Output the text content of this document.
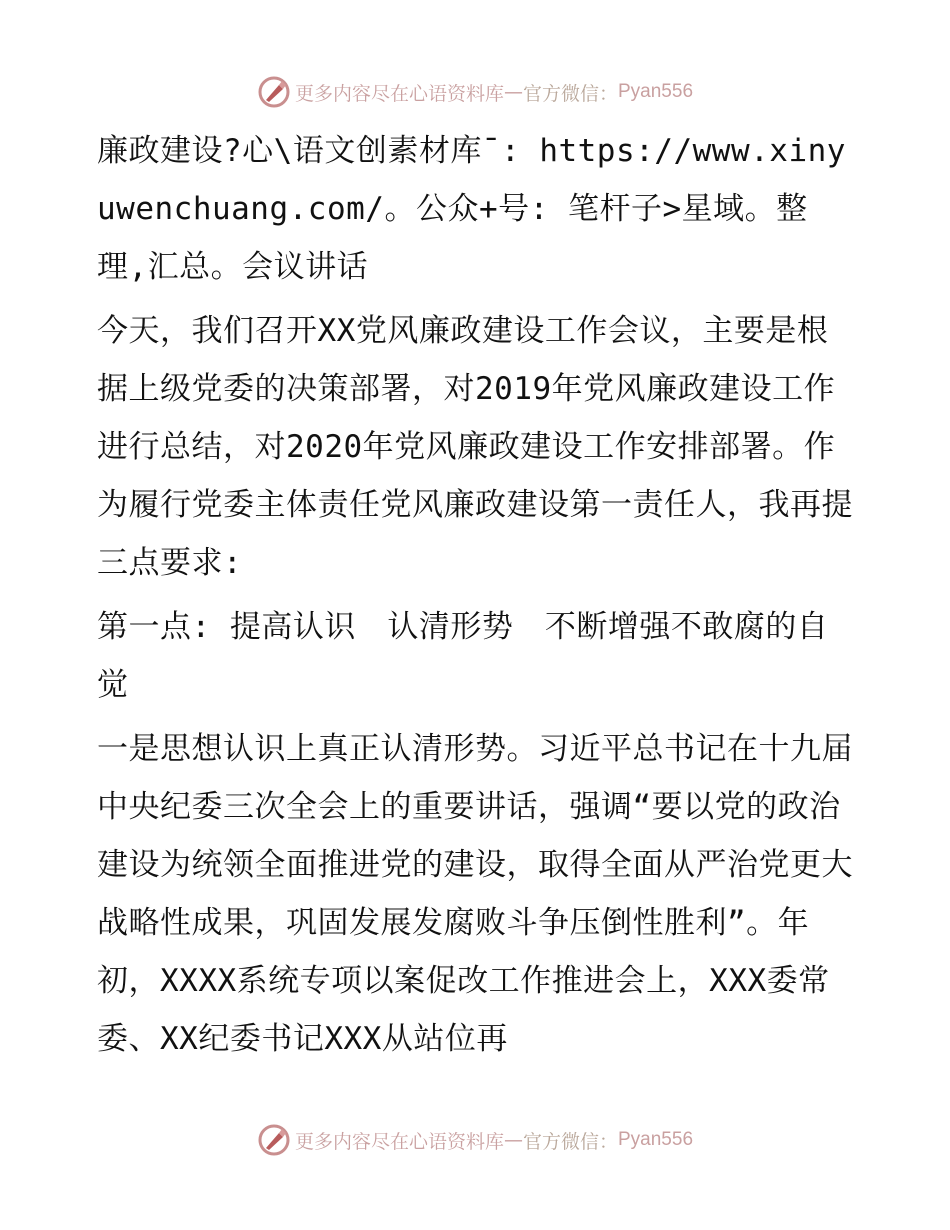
更多内容尽在心语资料库 — 官方微信： Pyan556

廉政建设?心\语文创素材库¯: https://www.xinyuwenchuang.com/。公众+号: 笔杆子>星域。整理,汇总。会议讲话

今天，我们召开XX党风廉政建设工作会议，主要是根据上级党委的决策部署，对2019年党风廉政建设工作进行总结，对2020年党风廉政建设工作安排部署。作为履行党委主体责任党风廉政建设第一责任人，我再提三点要求:

第一点: 提高认识　认清形势　不断增强不敢腐的自觉

一是思想认识上真正认清形势。习近平总书记在十九届中央纪委三次全会上的重要讲话，强调“要以党的政治建设为统领全面推进党的建设，取得全面从严治党更大战略性成果，巩固发展发腐败斗争压倒性胜利”。年初，XXXX系统专项以案促改工作推进会上，XXX委常委、XX纪委书记XXX从站位再

更多内容尽在心语资料库 — 官方微信： Pyan556
